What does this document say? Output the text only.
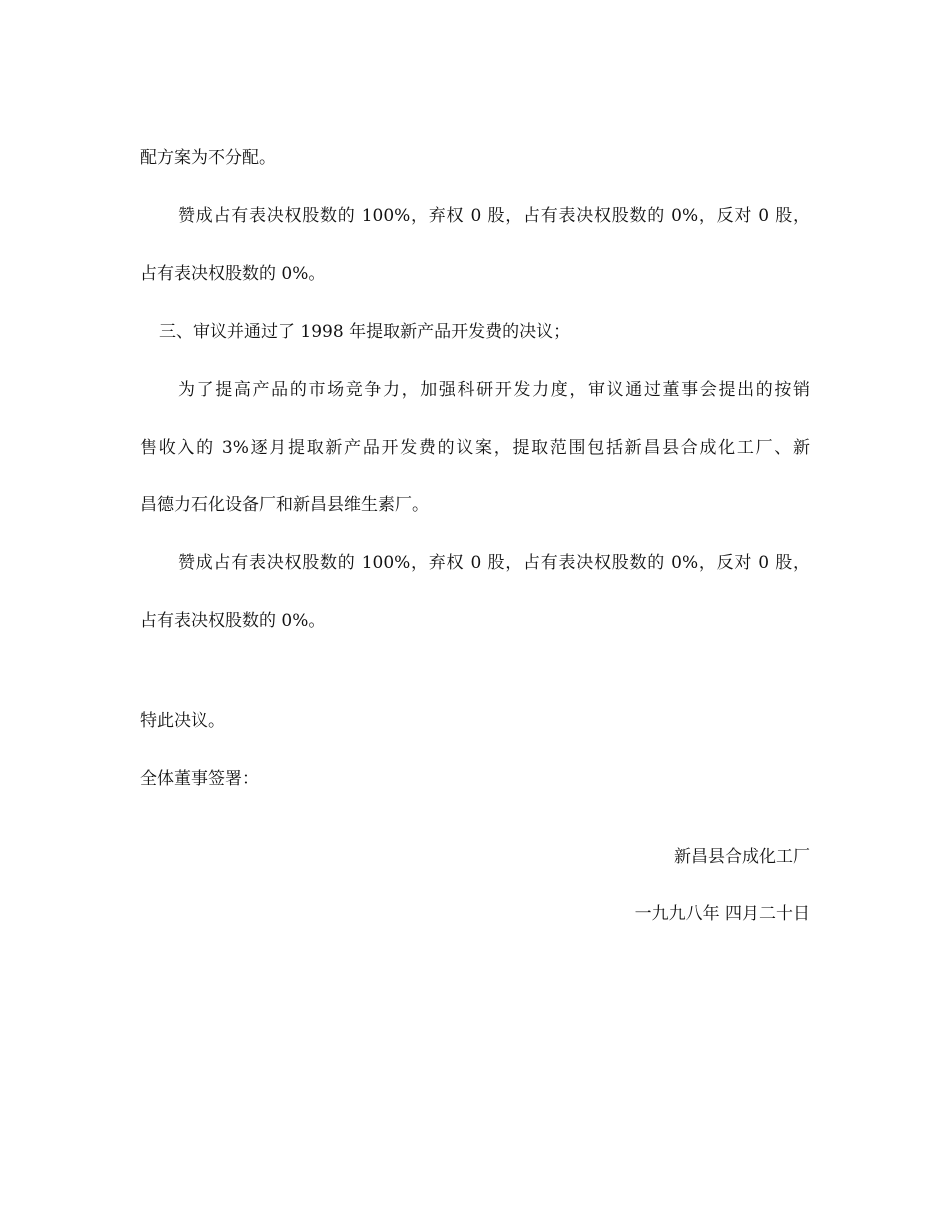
配方案为不分配。
赞成占有表决权股数的 100%，弃权 0 股，占有表决权股数的 0%，反对 0 股，
占有表决权股数的 0%。
三、审议并通过了 1998 年提取新产品开发费的决议；
为了提高产品的市场竞争力，加强科研开发力度，审议通过董事会提出的按销
售收入的 3%逐月提取新产品开发费的议案，提取范围包括新昌县合成化工厂、新
昌德力石化设备厂和新昌县维生素厂。
赞成占有表决权股数的 100%，弃权 0 股，占有表决权股数的 0%，反对 0 股，
占有表决权股数的 0%。
特此决议。
全体董事签署：
新昌县合成化工厂
一九九八年 四月二十日
